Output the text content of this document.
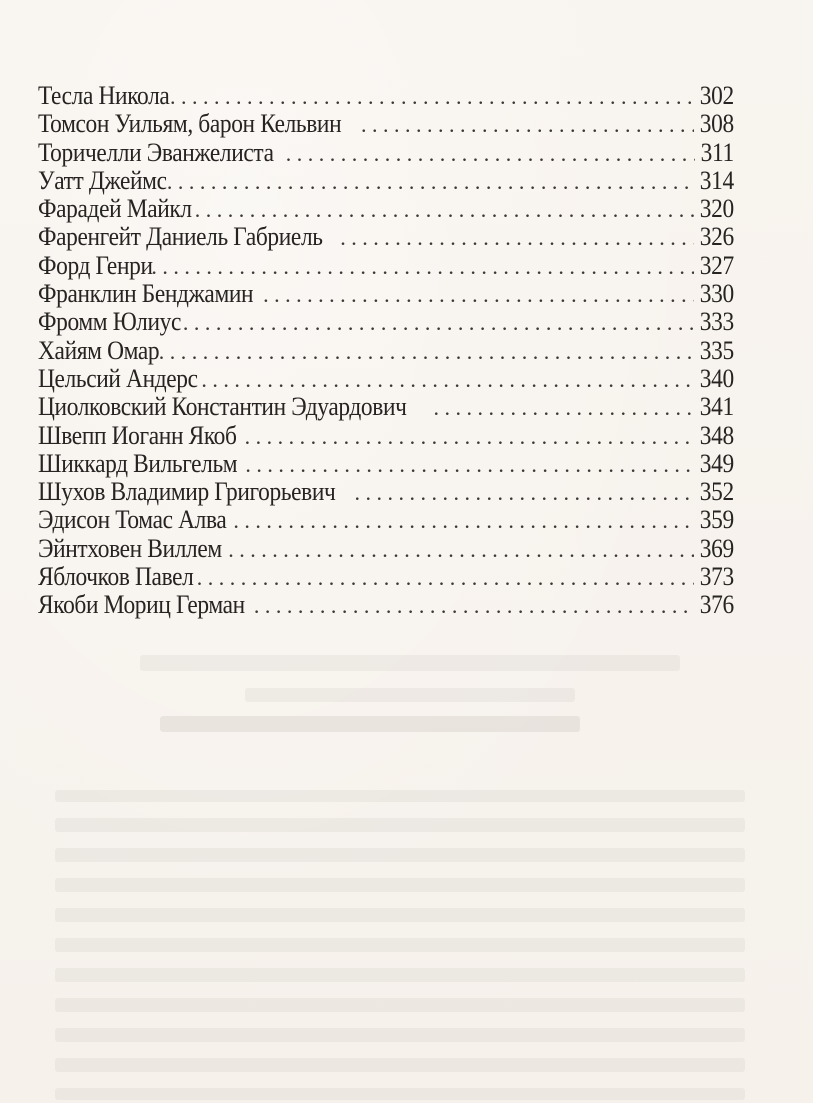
Тесла Никола . . .	302
Томсон Уильям, барон Кельвин . . .	308
Торичелли Эванжелиста . . .	311
Уатт Джеймс . . .	314
Фарадей Майкл . . .	320
Фаренгейт Даниель Габриель . . .	326
Форд Генри . . .	327
Франклин Бенджамин . . .	330
Фромм Юлиус . . .	333
Хайям Омар . . .	335
Цельсий Андерс . . .	340
Циолковский Константин Эдуардович . . .	341
Швепп Иоганн Якоб . . .	348
Шиккард Вильгельм . . .	349
Шухов Владимир Григорьевич . . .	352
Эдисон Томас Алва . . .	359
Эйнтховен Виллем . . .	369
Яблочков Павел . . .	373
Якоби Мориц Герман . . .	376
